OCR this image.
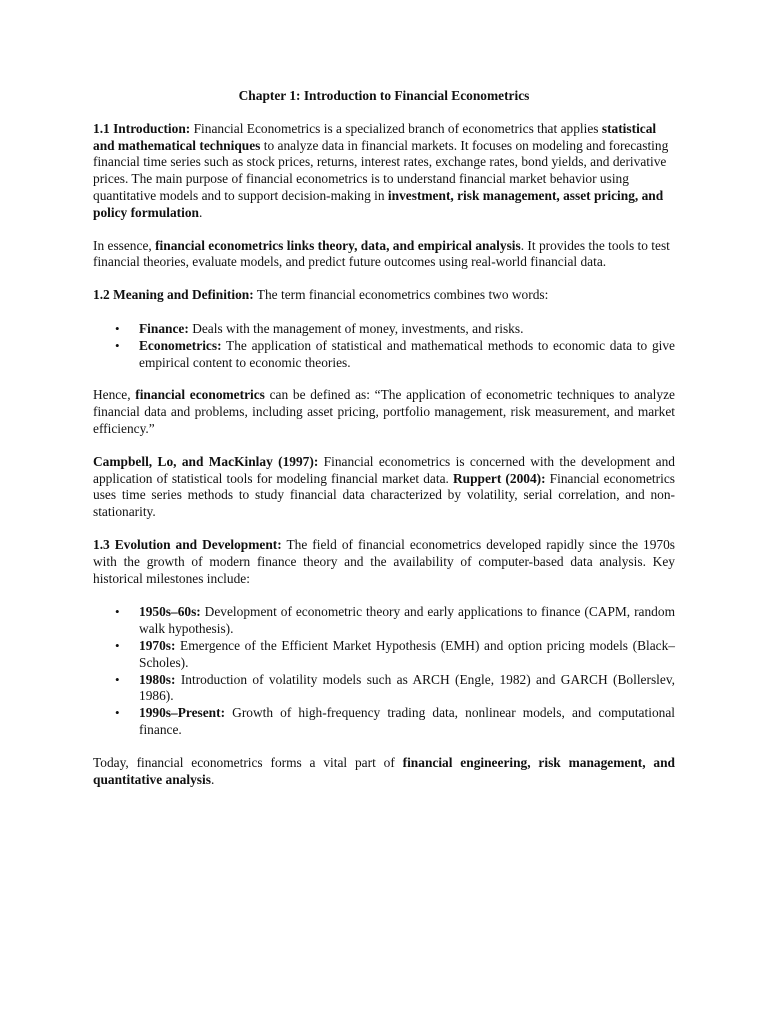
Chapter 1: Introduction to Financial Econometrics

1.1 Introduction: Financial Econometrics is a specialized branch of econometrics that applies statistical and mathematical techniques to analyze data in financial markets. It focuses on modeling and forecasting financial time series such as stock prices, returns, interest rates, exchange rates, bond yields, and derivative prices. The main purpose of financial econometrics is to understand financial market behavior using quantitative models and to support decision-making in investment, risk management, asset pricing, and policy formulation.

In essence, financial econometrics links theory, data, and empirical analysis. It provides the tools to test financial theories, evaluate models, and predict future outcomes using real-world financial data.

1.2 Meaning and Definition: The term financial econometrics combines two words:

• Finance: Deals with the management of money, investments, and risks.
• Econometrics: The application of statistical and mathematical methods to economic data to give empirical content to economic theories.

Hence, financial econometrics can be defined as: “The application of econometric techniques to analyze financial data and problems, including asset pricing, portfolio management, risk measurement, and market efficiency.”

Campbell, Lo, and MacKinlay (1997): Financial econometrics is concerned with the development and application of statistical tools for modeling financial market data. Ruppert (2004): Financial econometrics uses time series methods to study financial data characterized by volatility, serial correlation, and non-stationarity.

1.3 Evolution and Development: The field of financial econometrics developed rapidly since the 1970s with the growth of modern finance theory and the availability of computer-based data analysis. Key historical milestones include:

• 1950s–60s: Development of econometric theory and early applications to finance (CAPM, random walk hypothesis).
• 1970s: Emergence of the Efficient Market Hypothesis (EMH) and option pricing models (Black–Scholes).
• 1980s: Introduction of volatility models such as ARCH (Engle, 1982) and GARCH (Bollerslev, 1986).
• 1990s–Present: Growth of high-frequency trading data, nonlinear models, and computational finance.

Today, financial econometrics forms a vital part of financial engineering, risk management, and quantitative analysis.
